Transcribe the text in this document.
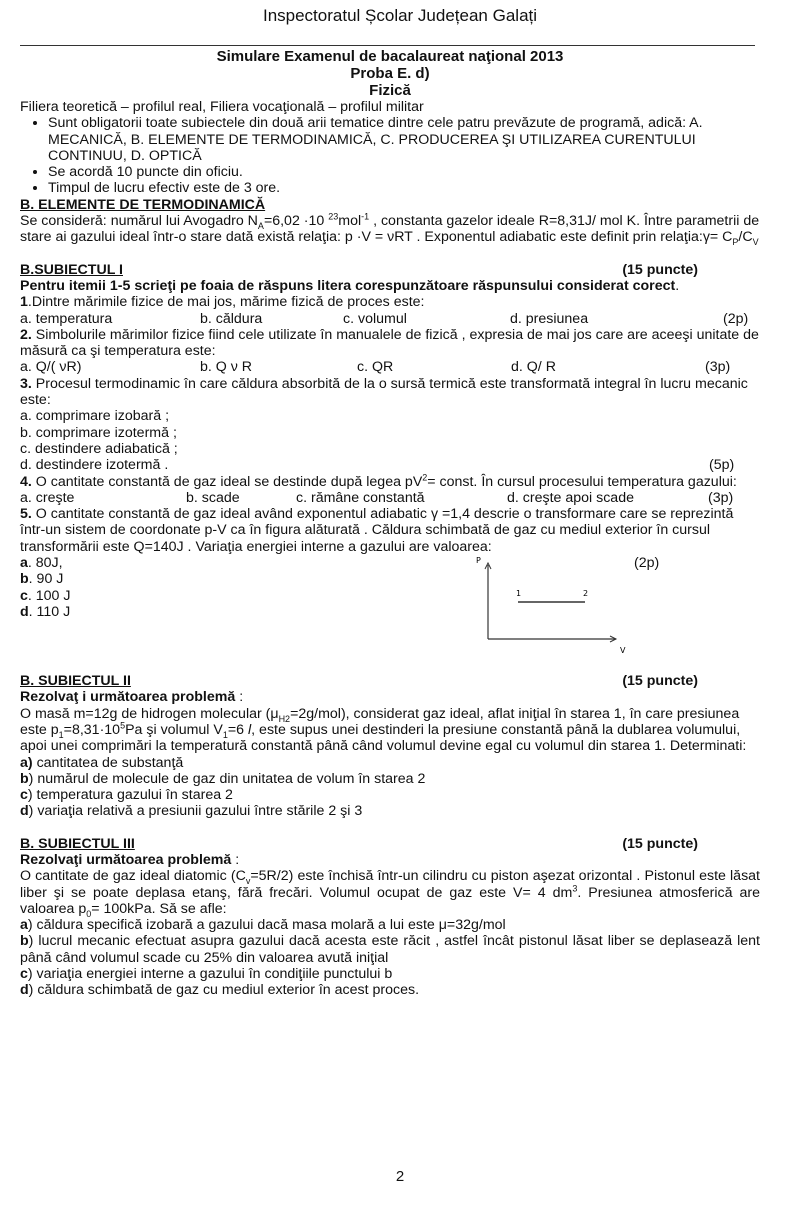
Inspectoratul Școlar Județean Galați
Simulare Examenul de bacalaureat naţional 2013
Proba E. d)
Fizică
Filiera teoretică – profilul real, Filiera vocaţională – profilul militar
• Sunt obligatorii toate subiectele din două arii tematice dintre cele patru prevăzute de programă, adică: A. MECANICĂ, B. ELEMENTE DE TERMODINAMICĂ, C. PRODUCEREA ŞI UTILIZAREA CURENTULUI CONTINUU, D. OPTICĂ
• Se acordă 10 puncte din oficiu.
• Timpul de lucru efectiv este de 3 ore.
B. ELEMENTE DE TERMODINAMICĂ
Se consideră: numărul lui Avogadro $N_A=6,02 \cdot 10$ $^{23}$mol$^{-1}$ , constanta gazelor ideale R=8,31J/ mol K. Între parametrii de stare ai gazului ideal într-o stare dată există relaţia: p ·V = νRT . Exponentul adiabatic este definit prin relaţia:γ= $C_P/C_V$
B.SUBIECTUL I	(15 puncte)
Pentru itemii 1-5 scrieţi pe foaia de răspuns litera corespunzătoare răspunsului considerat corect.
1.Dintre mărimile fizice de mai jos, mărime fizică de proces este:
a. temperatura	b. căldura	c. volumul	d. presiunea	(2p)
2. Simbolurile mărimilor fizice fiind cele utilizate în manualele de fizică , expresia de mai jos care are aceeşi unitate de măsură ca şi temperatura este:
a. Q/( νR)	b. Q ν R	c. QR	d. Q/ R	(3p)
3. Procesul termodinamic în care căldura absorbită de la o sursă termică este transformată integral în lucru mecanic este:
a. comprimare izobară ;
b. comprimare izotermă ;
c. destindere adiabatică ;
d. destindere izotermă .	(5p)
4. O cantitate constantă de gaz ideal se destinde după legea $pV^2=$ const. În cursul procesului temperatura gazului:
a. creşte	b. scade	c. rămâne constantă	d. creşte apoi scade	(3p)
5. O cantitate constantă de gaz ideal având exponentul adiabatic γ =1,4 descrie o transformare care se reprezintă într-un sistem de coordonate p-V ca în figura alăturată . Căldura schimbată de gaz cu mediul exterior în cursul transformării este Q=140J . Variaţia energiei interne a gazului are valoarea:
a. 80J,
b. 90 J
c. 100 J
d. 110 J
(2p)
P
V
1	2
B. SUBIECTUL II	(15 puncte)
Rezolvaţ i următoarea problemă :
O masă m=12g de hidrogen molecular $(\mu_{H2}=2g/mol)$, considerat gaz ideal, aflat iniţial în starea 1, în care presiunea este $p_1=8,31\cdot 10^5Pa$ şi volumul $V_1=6$ l, este supus unei destinderi la presiune constantă până la dublarea volumului, apoi unei comprimări la temperatură constantă până când volumul devine egal cu volumul din starea 1. Determinati:
a) cantitatea de substanţă
b) numărul de molecule de gaz din unitatea de volum în starea 2
c) temperatura gazului în starea 2
d) variaţia relativă a presiunii gazului între stările 2 şi 3
B. SUBIECTUL III	(15 puncte)
Rezolvaţi următoarea problemă :
O cantitate de gaz ideal diatomic $(C_v=5R/2)$ este închisă într-un cilindru cu piston aşezat orizontal . Pistonul este lăsat liber şi se poate deplasa etanş, fără frecări. Volumul ocupat de gaz este V= 4 $dm^3$. Presiunea atmosferică are valoarea $p_0= 100kPa$. Să se afle:
a) căldura specifică izobară a gazului dacă masa molară a lui este μ=32g/mol
b) lucrul mecanic efectuat asupra gazului dacă acesta este răcit , astfel încât pistonul lăsat liber se deplasează lent până când volumul scade cu 25% din valoarea avută iniţial
c) variaţia energiei interne a gazului în condiţiile punctului b
d) căldura schimbată de gaz cu mediul exterior în acest proces.
2
